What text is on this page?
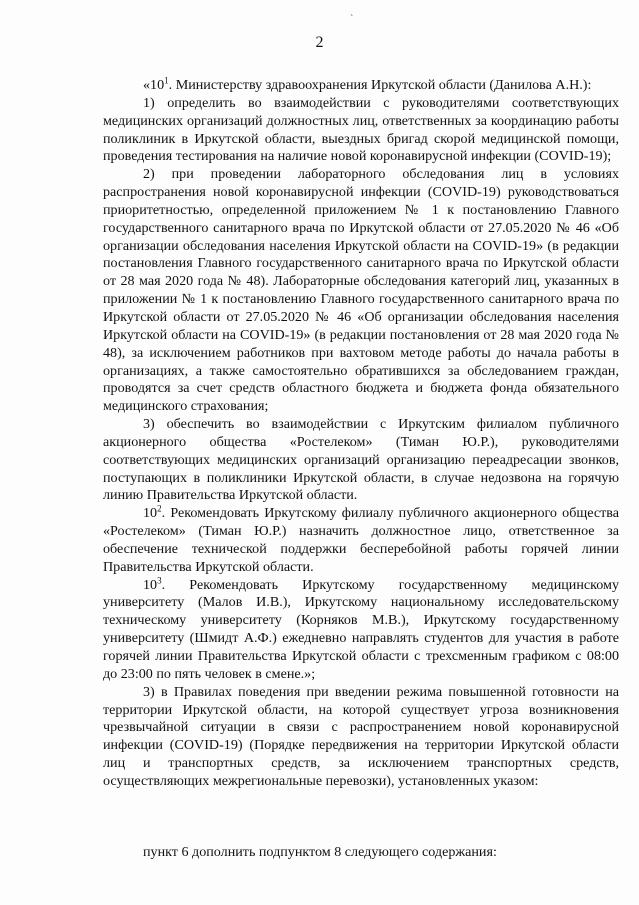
`
2

«$10^1$. Министерству здравоохранения Иркутской области (Данилова А.Н.):

1) определить во взаимодействии с руководителями соответствующих медицинских организаций должностных лиц, ответственных за координацию работы поликлиник в Иркутской области, выездных бригад скорой медицинской помощи, проведения тестирования на наличие новой коронавирусной инфекции (COVID-19);

2) при проведении лабораторного обследования лиц в условиях распространения новой коронавирусной инфекции (COVID-19) руководствоваться приоритетностью, определенной приложением № 1 к постановлению Главного государственного санитарного врача по Иркутской области от 27.05.2020 № 46 «Об организации обследования населения Иркутской области на COVID-19» (в редакции постановления Главного государственного санитарного врача по Иркутской области от 28 мая 2020 года № 48). Лабораторные обследования категорий лиц, указанных в приложении № 1 к постановлению Главного государственного санитарного врача по Иркутской области от 27.05.2020 № 46 «Об организации обследования населения Иркутской области на COVID-19» (в редакции постановления от 28 мая 2020 года № 48), за исключением работников при вахтовом методе работы до начала работы в организациях, а также самостоятельно обратившихся за обследованием граждан, проводятся за счет средств областного бюджета и бюджета фонда обязательного медицинского страхования;

3) обеспечить во взаимодействии с Иркутским филиалом публичного акционерного общества «Ростелеком» (Тиман Ю.Р.), руководителями соответствующих медицинских организаций организацию переадресации звонков, поступающих в поликлиники Иркутской области, в случае недозвона на горячую линию Правительства Иркутской области.

$10^2$. Рекомендовать Иркутскому филиалу публичного акционерного общества «Ростелеком» (Тиман Ю.Р.) назначить должностное лицо, ответственное за обеспечение технической поддержки бесперебойной работы горячей линии Правительства Иркутской области.

$10^3$. Рекомендовать Иркутскому государственному медицинскому университету (Малов И.В.), Иркутскому национальному исследовательскому техническому университету (Корняков М.В.), Иркутскому государственному университету (Шмидт А.Ф.) ежедневно направлять студентов для участия в работе горячей линии Правительства Иркутской области с трехсменным графиком с 08:00 до 23:00 по пять человек в смене.»;

3) в Правилах поведения при введении режима повышенной готовности на территории Иркутской области, на которой существует угроза возникновения чрезвычайной ситуации в связи с распространением новой коронавирусной инфекции (COVID-19) (Порядке передвижения на территории Иркутской области лиц и транспортных средств, за исключением транспортных средств, осуществляющих межрегиональные перевозки), установленных указом:

пункт 6 дополнить подпунктом 8 следующего содержания:
